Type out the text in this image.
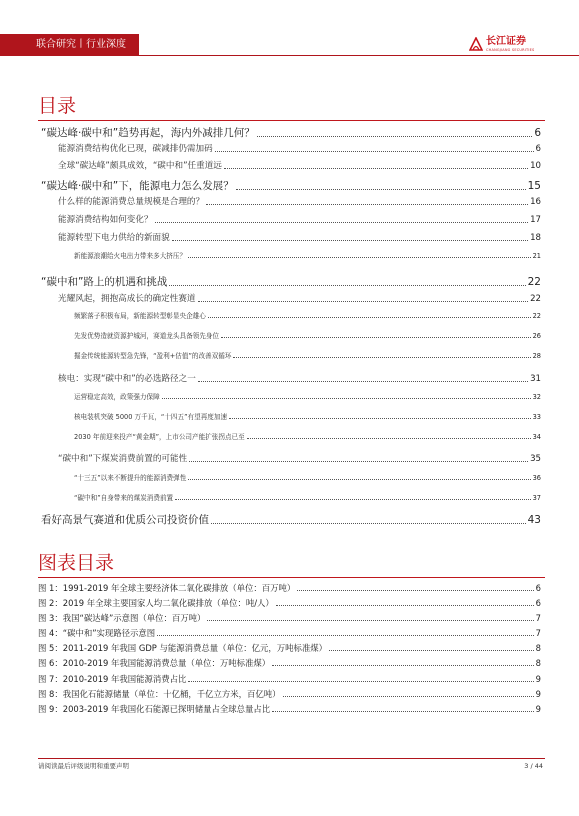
联合研究丨行业深度	长江证券
CHANGJIANG SECURITIES
目录
“碳达峰·碳中和”趋势再起，海内外减排几何？	6
能源消费结构优化已现，碳减排仍需加码	6
全球“碳达峰”颇具成效，“碳中和”任重道远	10
“碳达峰·碳中和”下，能源电力怎么发展？	15
什么样的能源消费总量规模是合理的？	16
能源消费结构如何变化？	17
能源转型下电力供给的新面貌	18
新能源浪潮给火电出力带来多大挤压？	21
“碳中和”路上的机遇和挑战	22
光耀风起，拥抱高成长的确定性赛道	22
频繁落子积极布局，新能源转型彰显央企雄心	22
先发优势造就资源护城河，赛道龙头具备领先身位	26
掘金传统能源转型急先锋，“盈利+估值”的改善双循环	28
核电：实现“碳中和”的必选路径之一	31
运营稳定高效，政策强力保障	32
核电装机突破 5000 万千瓦，“十四五”有望再度加速	33
2030 年前迎来投产“黄金期”，上市公司产能扩张拐点已至	34
“碳中和”下煤炭消费前置的可能性	35
“十三五”以来不断提升的能源消费弹性	36
“碳中和”自身带来的煤炭消费前置	37
看好高景气赛道和优质公司投资价值	43
图表目录
图 1：1991-2019 年全球主要经济体二氧化碳排放（单位：百万吨）	6
图 2：2019 年全球主要国家人均二氧化碳排放（单位：吨/人）	6
图 3：我国“碳达峰”示意图（单位：百万吨）	7
图 4：“碳中和”实现路径示意图	7
图 5：2011-2019 年我国 GDP 与能源消费总量（单位：亿元，万吨标准煤）	8
图 6：2010-2019 年我国能源消费总量（单位：万吨标准煤）	8
图 7：2010-2019 年我国能源消费占比	9
图 8：我国化石能源储量（单位：十亿桶，千亿立方米，百亿吨）	9
图 9：2003-2019 年我国化石能源已探明储量占全球总量占比	9
请阅读最后评级说明和重要声明	3 / 44
